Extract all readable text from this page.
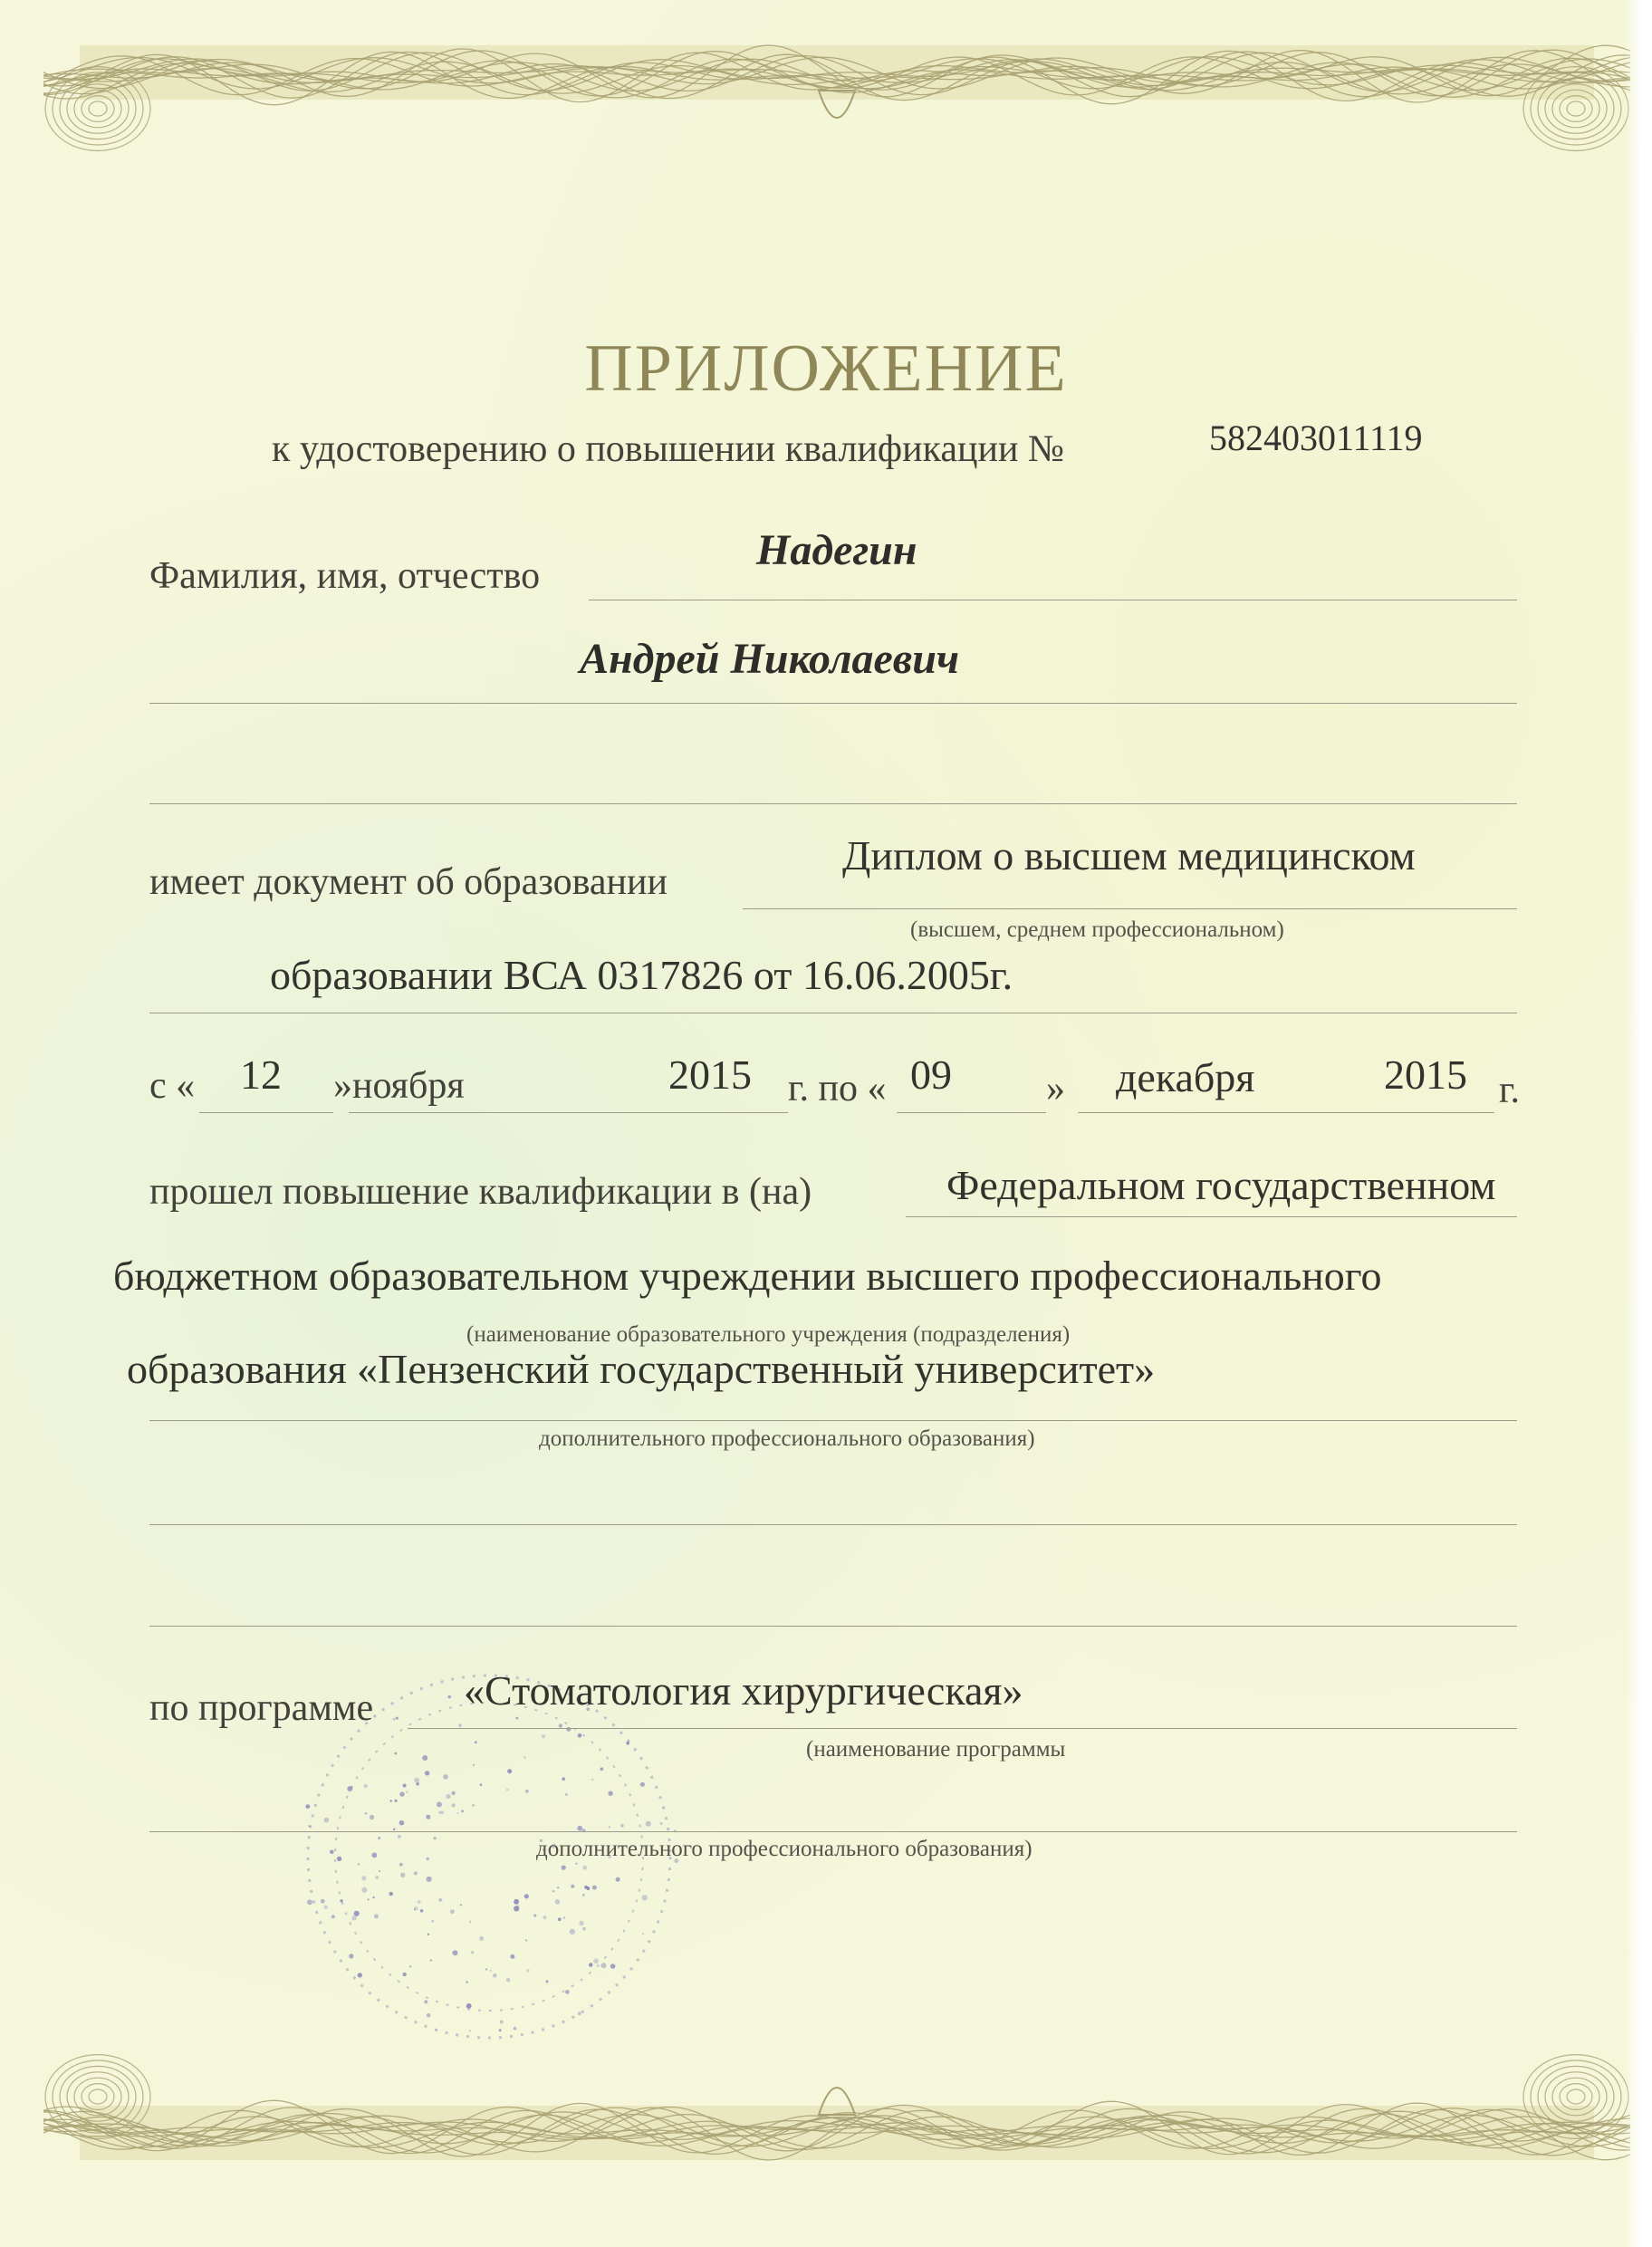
ПРИЛОЖЕНИЕ
к удостоверению о повышении квалификации №	582403011119
Фамилия, имя, отчество
Надегин
Андрей Николаевич
имеет документ об образовании
Диплом о высшем медицинском
(высшем, среднем профессиональном)
образовании ВСА 0317826 от 16.06.2005г.
с « 12 »ноября	2015 г. по « 09 » декабря	2015 г.
прошел повышение квалификации в (на)	Федеральном государственном
бюджетном образовательном учреждении высшего профессионального
(наименование образовательного учреждения (подразделения)
образования «Пензенский государственный университет»
дополнительного профессионального образования)
по программе «Стоматология хирургическая»
(наименование программы
дополнительного профессионального образования)
